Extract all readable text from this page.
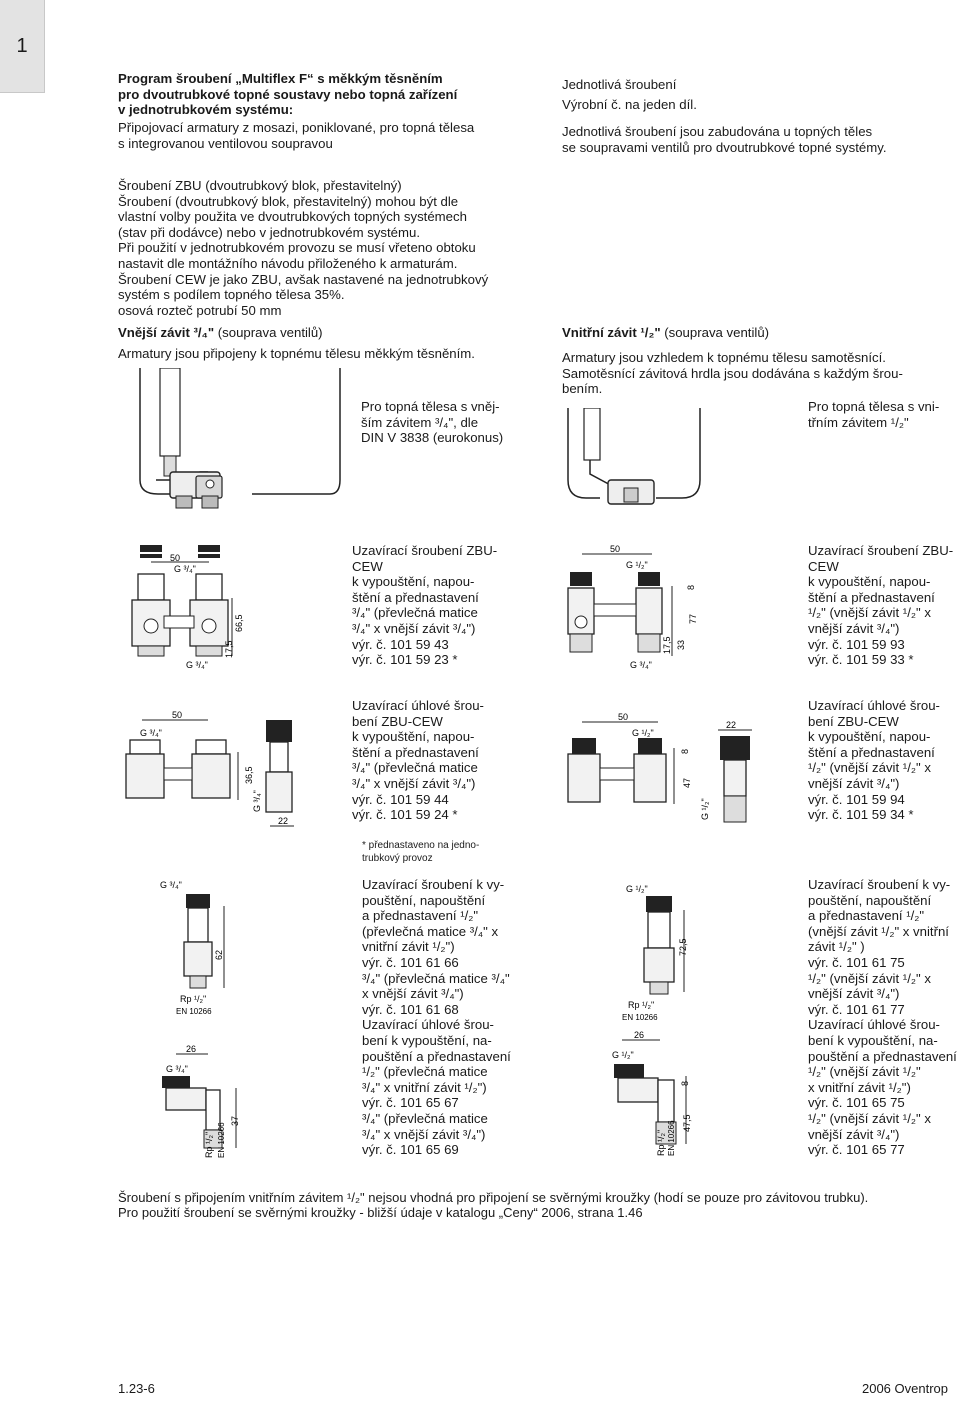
1
Program šroubení „Multiflex F“ s měkkým těsněním
pro dvoutrubkové topné soustavy nebo topná zařízení
v jednotrubkovém systému:
Připojovací armatury z mosazi, poniklované, pro topná tělesa
s integrovanou ventilovou soupravou
Šroubení ZBU (dvoutrubkový blok, přestavitelný)
Šroubení (dvoutrubkový blok, přestavitelný) mohou být dle
vlastní volby použita ve dvoutrubkových topných systémech
(stav při dodávce) nebo v jednotrubkovém systému.
Při použití v jednotrubkovém provozu se musí vřeteno obtoku
nastavit dle montážního návodu přiloženého k armaturám.
Šroubení CEW je jako ZBU, avšak nastavené na jednotrubkový
systém s podílem topného tělesa 35%.
osová rozteč potrubí 50 mm
Vnější závit ³/₄" (souprava ventilů)
Armatury jsou připojeny k topnému tělesu měkkým těsněním.
Pro topná tělesa s vněj-
ším závitem ³/₄", dle
DIN V 3838 (eurokonus)
Jednotlivá šroubení
Výrobní č. na jeden díl.
Jednotlivá šroubení jsou zabudována u topných těles
se soupravami ventilů pro dvoutrubkové topné systémy.
Vnitřní závit ¹/₂" (souprava ventilů)
Armatury jsou vzhledem k topnému tělesu samotěsnící.
Samotěsnící závitová hrdla jsou dodávána s každým šrou-
bením.
Pro topná tělesa s vni-
třním závitem ¹/₂"
50
G ³/₄"
G ³/₄"
66,5
17,5
Uzavírací šroubení ZBU-
CEW
k vypouštění, napou-
štění a přednastavení
³/₄" (převlečná matice
³/₄" x vnější závit ³/₄")
výr. č. 101 59 43
výr. č. 101 59 23 *
50
G ¹/₂"
G ³/₄"
8
77
33
17,5
Uzavírací šroubení ZBU-
CEW
k vypouštění, napou-
štění a přednastavení
¹/₂" (vnější závit ¹/₂" x
vnější závit ³/₄")
výr. č. 101 59 93
výr. č. 101 59 33 *
50
G ³/₄"
36,5
G ³/₄"
22
Uzavírací úhlové šrou-
bení ZBU-CEW
k vypouštění, napou-
štění a přednastavení
³/₄" (převlečná matice
³/₄" x vnější závit ³/₄")
výr. č. 101 59 44
výr. č. 101 59 24 *
* přednastaveno na jedno-
trubkový provoz
50
G ¹/₂"
8
47
22
G ¹/₂"
Uzavírací úhlové šrou-
bení ZBU-CEW
k vypouštění, napou-
štění a přednastavení
¹/₂" (vnější závit ¹/₂" x
vnější závit ³/₄")
výr. č. 101 59 94
výr. č. 101 59 34 *
G ³/₄"
62
Rp ¹/₂"
EN 10266
26
G ³/₄"
37
EN 10266
Rp ¹/₂"
Uzavírací šroubení k vy-
pouštění, napouštění
a přednastavení ¹/₂"
(převlečná matice ³/₄" x
vnitřní závit ¹/₂")
výr. č. 101 61 66
³/₄" (převlečná matice ³/₄"
x vnější závit ³/₄")
výr. č. 101 61 68
Uzavírací úhlové šrou-
bení k vypouštění, na-
pouštění a přednastavení
¹/₂" (převlečná matice
³/₄" x vnitřní závit ¹/₂")
výr. č. 101 65 67
³/₄" (převlečná matice
³/₄" x vnější závit ³/₄")
výr. č. 101 65 69
G ¹/₂"
72,5
Rp ¹/₂"
EN 10266
26
G ¹/₂"
8
47,5
EN 10266
Rp ¹/₂"
Uzavírací šroubení k vy-
pouštění, napouštění
a přednastavení ¹/₂"
(vnější závit ¹/₂" x vnitřní
závit ¹/₂" )
výr. č. 101 61 75
¹/₂" (vnější závit ¹/₂" x
vnější závit ³/₄")
výr. č. 101 61 77
Uzavírací úhlové šrou-
bení k vypouštění, na-
pouštění a přednastavení
¹/₂" (vnější závit ¹/₂"
x vnitřní závit ¹/₂")
výr. č. 101 65 75
¹/₂" (vnější závit ¹/₂" x
vnější závit ³/₄")
výr. č. 101 65 77
Šroubení s připojením vnitřním závitem ¹/₂" nejsou vhodná pro připojení se svěrnými kroužky (hodí se pouze pro závitovou trubku).
Pro použití šroubení se svěrnými kroužky - bližší údaje v katalogu „Ceny“ 2006, strana 1.46
1.23-6	2006 Oventrop
